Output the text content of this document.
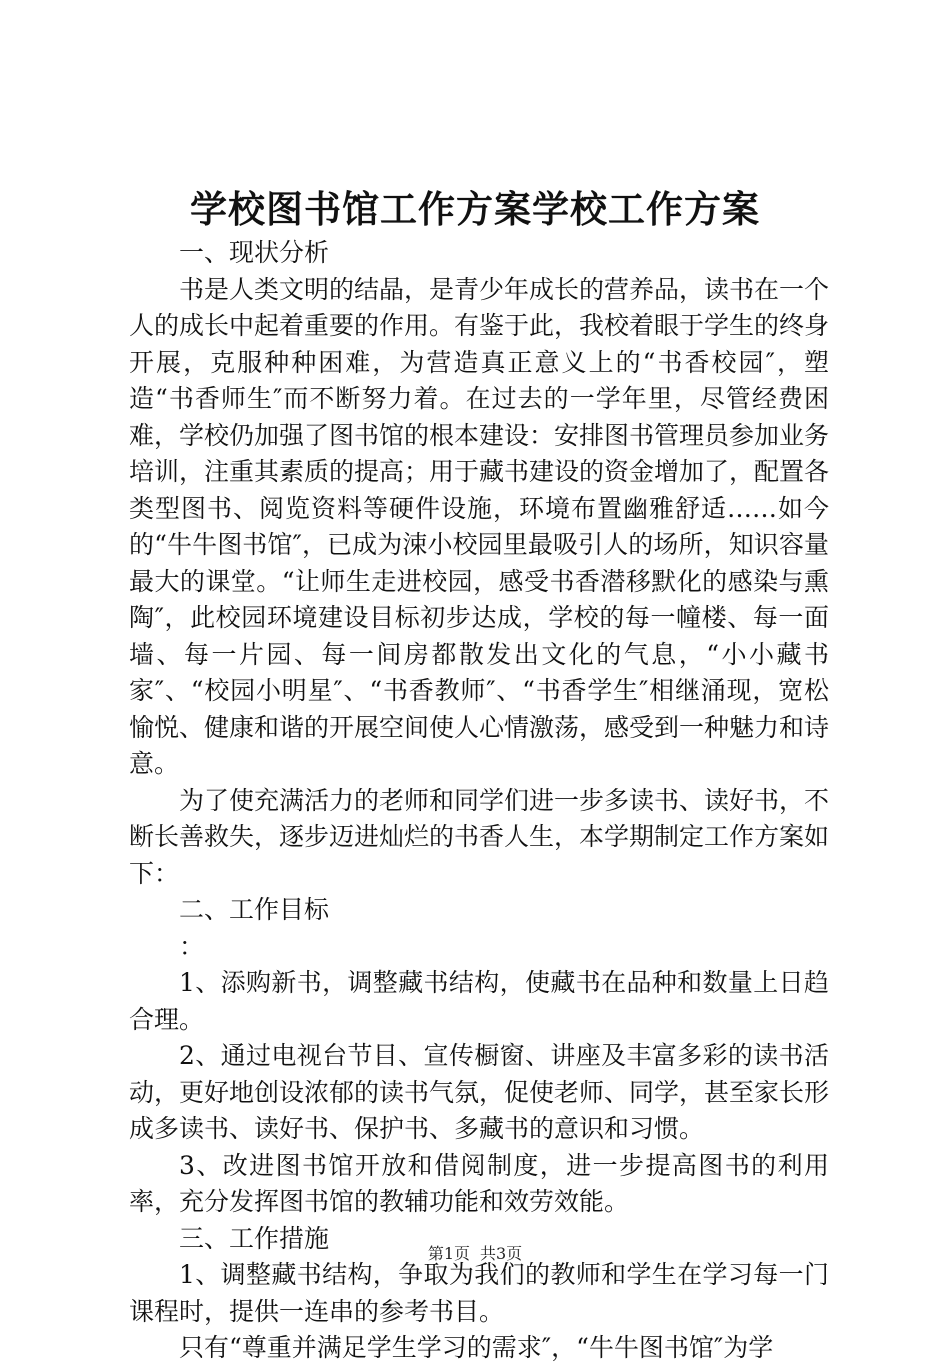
学校图书馆工作方案学校工作方案

一、现状分析

书是人类文明的结晶，是青少年成长的营养品，读书在一个人的成长中起着重要的作用。有鉴于此，我校着眼于学生的终身开展，克服种种困难，为营造真正意义上的“书香校园″，塑造“书香师生″而不断努力着。在过去的一学年里，尽管经费困难，学校仍加强了图书馆的根本建设：安排图书管理员参加业务培训，注重其素质的提高；用于藏书建设的资金增加了，配置各类型图书、阅览资料等硬件设施，环境布置幽雅舒适……如今的“牛牛图书馆″，已成为涑小校园里最吸引人的场所，知识容量最大的课堂。“让师生走进校园，感受书香潜移默化的感染与熏陶″，此校园环境建设目标初步达成，学校的每一幢楼、每一面墙、每一片园、每一间房都散发出文化的气息，“小小藏书家″、“校园小明星″、“书香教师″、“书香学生″相继涌现，宽松愉悦、健康和谐的开展空间使人心情激荡，感受到一种魅力和诗意。

为了使充满活力的老师和同学们进一步多读书、读好书，不断长善救失，逐步迈进灿烂的书香人生，本学期制定工作方案如下：

二、工作目标

：

1、添购新书，调整藏书结构，使藏书在品种和数量上日趋合理。

2、通过电视台节目、宣传橱窗、讲座及丰富多彩的读书活动，更好地创设浓郁的读书气氛，促使老师、同学，甚至家长形成多读书、读好书、保护书、多藏书的意识和习惯。

3、改进图书馆开放和借阅制度，进一步提高图书的利用率，充分发挥图书馆的教辅功能和效劳效能。

三、工作措施

1、调整藏书结构，争取为我们的教师和学生在学习每一门课程时，提供一连串的参考书目。

只有“尊重并满足学生学习的需求″，“牛牛图书馆″为学

第1页 共3页
